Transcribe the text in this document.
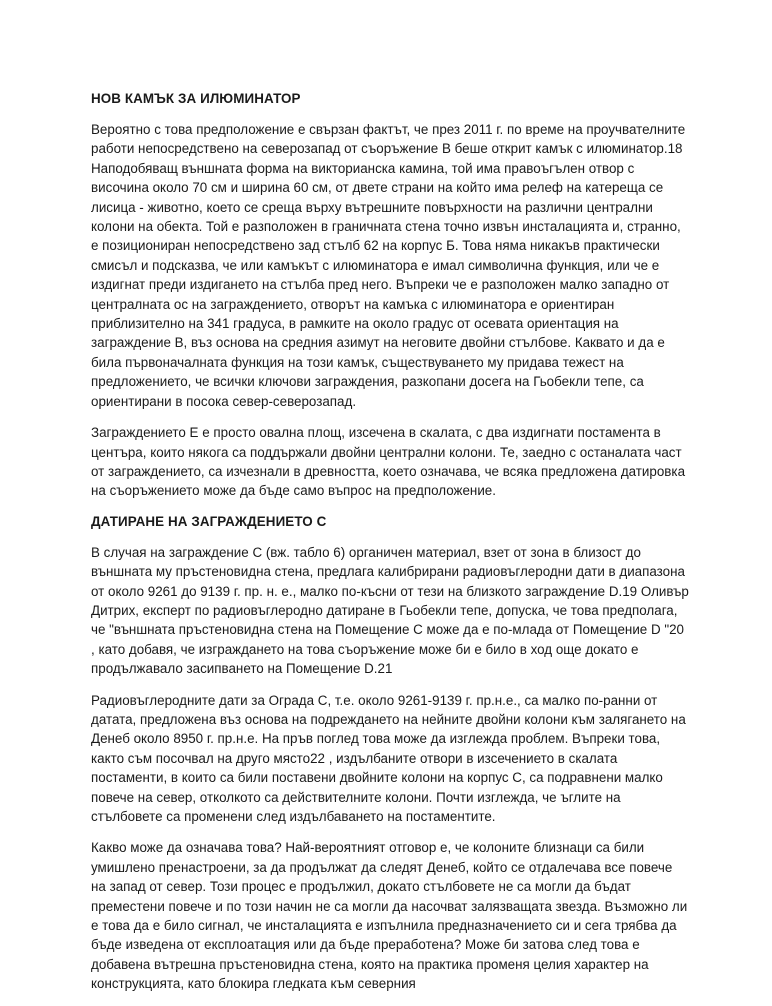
НОВ КАМЪК ЗА ИЛЮМИНАТОР

Вероятно с това предположение е свързан фактът, че през 2011 г. по време на проучвателните работи непосредствено на северозапад от съоръжение B беше открит камък с илюминатор.18 Наподобяващ външната форма на викторианска камина, той има правоъгълен отвор с височина около 70 см и ширина 60 см, от двете страни на който има релеф на катереща се лисица - животно, което се среща върху вътрешните повърхности на различни централни колони на обекта. Той е разположен в граничната стена точно извън инсталацията и, странно, е позициониран непосредствено зад стълб 62 на корпус Б. Това няма никакъв практически смисъл и подсказва, че или камъкът с илюминатора е имал символична функция, или че е издигнат преди издигането на стълба пред него. Въпреки че е разположен малко западно от централната ос на заграждението, отворът на камъка с илюминатора е ориентиран приблизително на 341 градуса, в рамките на около градус от осевата ориентация на заграждение B, въз основа на средния азимут на неговите двойни стълбове. Каквато и да е била първоначалната функция на този камък, съществуването му придава тежест на предложението, че всички ключови заграждения, разкопани досега на Гьобекли тепе, са ориентирани в посока север-северозапад.

Заграждението E е просто овална площ, изсечена в скалата, с два издигнати постамента в центъра, които някога са поддържали двойни централни колони. Те, заедно с останалата част от заграждението, са изчезнали в древността, което означава, че всяка предложена датировка на съоръжението може да бъде само въпрос на предположение.

ДАТИРАНЕ НА ЗАГРАЖДЕНИЕТО C

В случая на заграждение C (вж. табло 6) органичен материал, взет от зона в близост до външната му пръстеновидна стена, предлага калибрирани радиовъглеродни дати в диапазона от около 9261 до 9139 г. пр. н. е., малко по-късни от тези на близкото заграждение D.19 Оливър Дитрих, експерт по радиовъглеродно датиране в Гьобекли тепе, допуска, че това предполага, че "външната пръстеновидна стена на Помещение C може да е по-млада от Помещение D "20 , като добавя, че изграждането на това съоръжение може би е било в ход още докато е продължавало засипването на Помещение D.21

Радиовъглеродните дати за Ограда C, т.е. около 9261-9139 г. пр.н.е., са малко по-ранни от датата, предложена въз основа на подреждането на нейните двойни колони към залягането на Денеб около 8950 г. пр.н.е. На пръв поглед това може да изглежда проблем. Въпреки това, както съм посочвал на друго място22 , издълбаните отвори в изсечението в скалата постаменти, в които са били поставени двойните колони на корпус C, са подравнени малко повече на север, отколкото са действителните колони. Почти изглежда, че ъглите на стълбовете са променени след издълбаването на постаментите.

Какво може да означава това? Най-вероятният отговор е, че колоните близнаци са били умишлено пренастроени, за да продължат да следят Денеб, който се отдалечава все повече на запад от север. Този процес е продължил, докато стълбовете не са могли да бъдат преместени повече и по този начин не са могли да насочват залязващата звезда. Възможно ли е това да е било сигнал, че инсталацията е изпълнила предназначението си и сега трябва да бъде изведена от експлоатация или да бъде преработена? Може би затова след това е добавена вътрешна пръстеновидна стена, която на практика променя целия характер на конструкцията, като блокира гледката към северния
